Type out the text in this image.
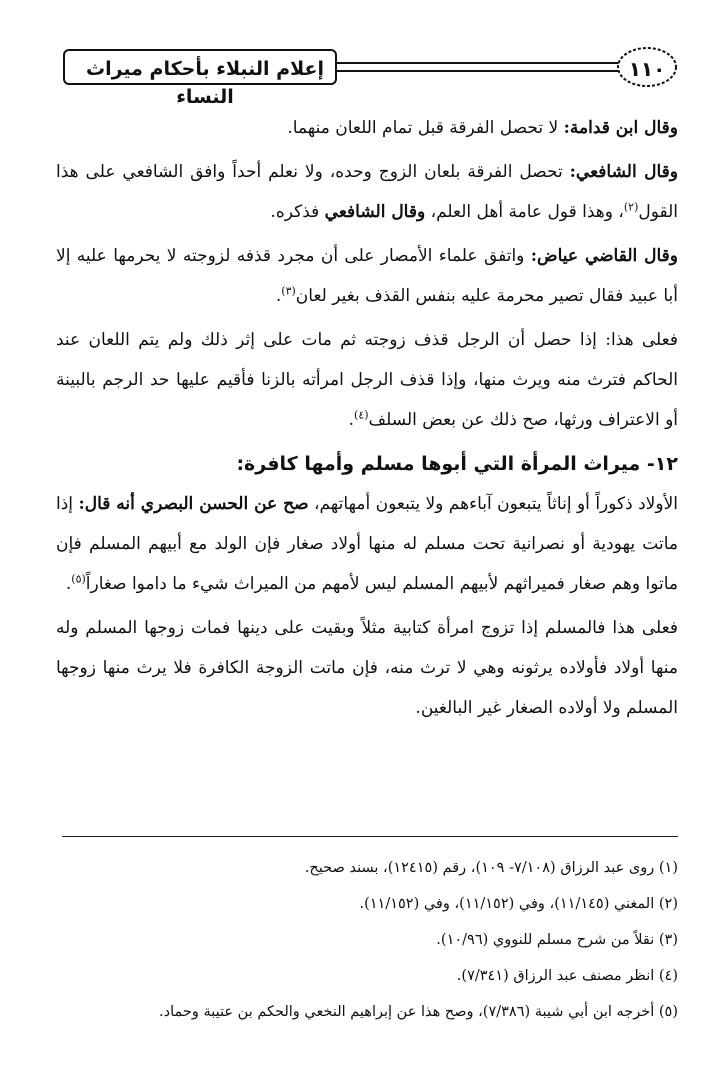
إعلام النبلاء بأحكام ميراث النساء
١١٠

وقال ابن قدامة: لا تحصل الفرقة قبل تمام اللعان منهما.

وقال الشافعي: تحصل الفرقة بلعان الزوج وحده، ولا نعلم أحداً وافق الشافعي على هذا القول$^{(٢)}$، وهذا قول عامة أهل العلم، وقال الشافعي فذكره.

وقال القاضي عياض: واتفق علماء الأمصار على أن مجرد قذفه لزوجته لا يحرمها عليه إلا أبا عبيد فقال تصير محرمة عليه بنفس القذف بغير لعان$^{(٣)}$.

فعلى هذا: إذا حصل أن الرجل قذف زوجته ثم مات على إثر ذلك ولم يتم اللعان عند الحاكم فترث منه ويرث منها، وإذا قذف الرجل امرأته بالزنا فأقيم عليها حد الرجم بالبينة أو الاعتراف ورثها، صح ذلك عن بعض السلف$^{(٤)}$.

١٢- ميراث المرأة التي أبوها مسلم وأمها كافرة:

الأولاد ذكوراً أو إناثاً يتبعون آباءهم ولا يتبعون أمهاتهم، صح عن الحسن البصري أنه قال: إذا ماتت يهودية أو نصرانية تحت مسلم له منها أولاد صغار فإن الولد مع أبيهم المسلم فإن ماتوا وهم صغار فميراثهم لأبيهم المسلم ليس لأمهم من الميراث شيء ما داموا صغاراً$^{(٥)}$.

فعلى هذا فالمسلم إذا تزوج امرأة كتابية مثلاً وبقيت على دينها فمات زوجها المسلم وله منها أولاد فأولاده يرثونه وهي لا ترث منه، فإن ماتت الزوجة الكافرة فلا يرث منها زوجها المسلم ولا أولاده الصغار غير البالغين.

(١) روى عبد الرزاق (٧/١٠٨- ١٠٩)، رقم (١٢٤١٥)، بسند صحيح.

(٢) المغني (١١/١٤٥)، وفي (١١/١٥٢)، وفي (١١/١٥٢).

(٣) نقلاً من شرح مسلم للنووي (١٠/٩٦).

(٤) انظر مصنف عبد الرزاق (٧/٣٤١).

(٥) أخرجه ابن أبي شيبة (٧/٣٨٦)، وصح هذا عن إبراهيم النخعي والحكم بن عتيبة وحماد.
